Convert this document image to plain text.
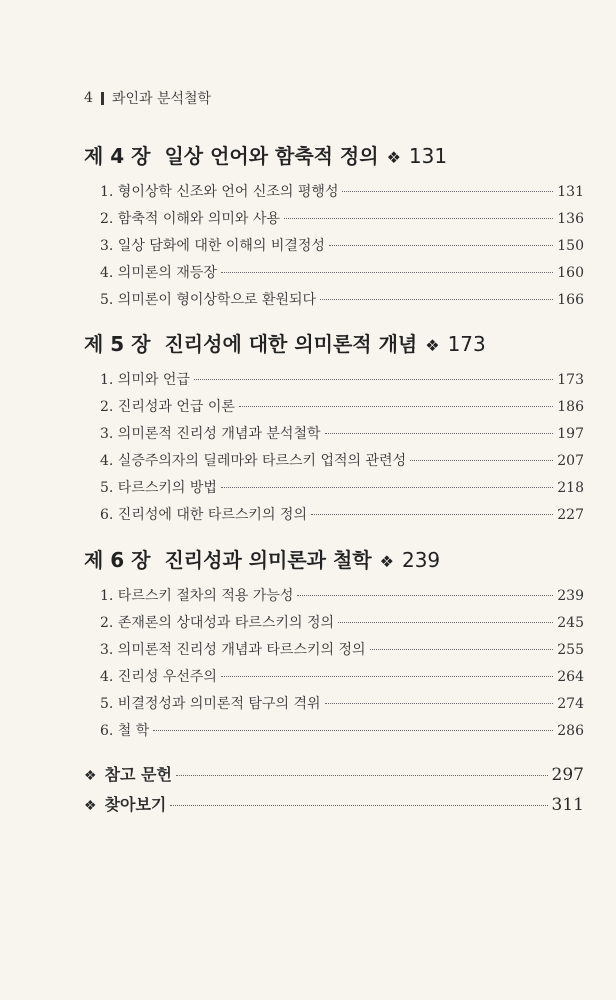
4 콰인과 분석철학
제 4 장 일상 언어와 함축적 정의 ❖ 131
1. 형이상학 신조와 언어 신조의 평행성	131
2. 함축적 이해와 의미와 사용	136
3. 일상 담화에 대한 이해의 비결정성	150
4. 의미론의 재등장	160
5. 의미론이 형이상학으로 환원되다	166
제 5 장 진리성에 대한 의미론적 개념 ❖ 173
1. 의미와 언급	173
2. 진리성과 언급 이론	186
3. 의미론적 진리성 개념과 분석철학	197
4. 실증주의자의 딜레마와 타르스키 업적의 관련성	207
5. 타르스키의 방법	218
6. 진리성에 대한 타르스키의 정의	227
제 6 장 진리성과 의미론과 철학 ❖ 239
1. 타르스키 절차의 적용 가능성	239
2. 존재론의 상대성과 타르스키의 정의	245
3. 의미론적 진리성 개념과 타르스키의 정의	255
4. 진리성 우선주의	264
5. 비결정성과 의미론적 탐구의 격위	274
6. 철 학	286
❖ 참고 문헌	297
❖ 찾아보기	311
